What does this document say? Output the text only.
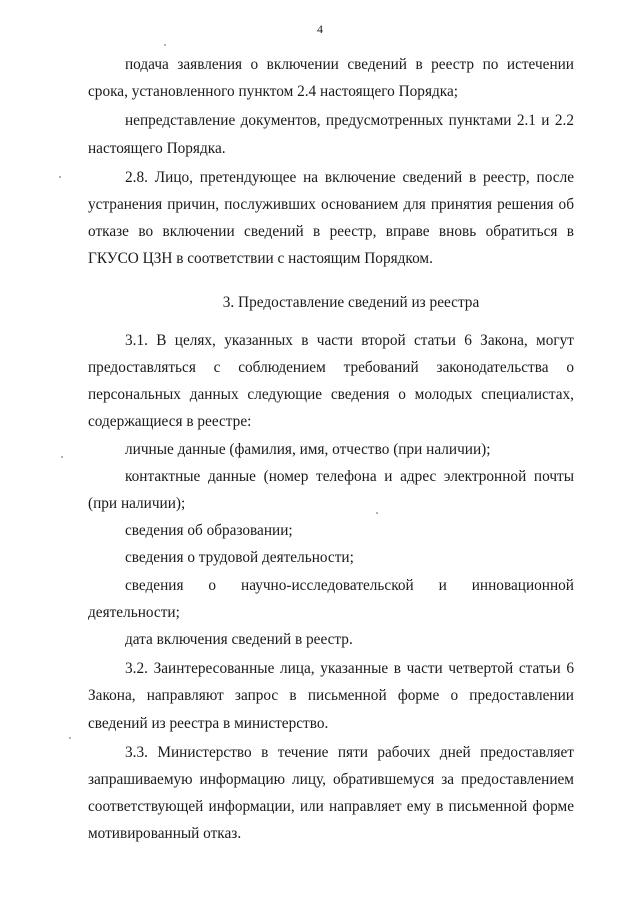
4

подача заявления о включении сведений в реестр по истечении срока, установленного пунктом 2.4 настоящего Порядка;

непредставление документов, предусмотренных пунктами 2.1 и 2.2 настоящего Порядка.

2.8. Лицо, претендующее на включение сведений в реестр, после устранения причин, послуживших основанием для принятия решения об отказе во включении сведений в реестр, вправе вновь обратиться в ГКУСО ЦЗН в соответствии с настоящим Порядком.

3. Предоставление сведений из реестра

3.1. В целях, указанных в части второй статьи 6 Закона, могут предоставляться с соблюдением требований законодательства о персональных данных следующие сведения о молодых специалистах, содержащиеся в реестре:

личные данные (фамилия, имя, отчество (при наличии);

контактные данные (номер телефона и адрес электронной почты (при наличии);

сведения об образовании;

сведения о трудовой деятельности;

сведения о научно-исследовательской и инновационной деятельности;

дата включения сведений в реестр.

3.2. Заинтересованные лица, указанные в части четвертой статьи 6 Закона, направляют запрос в письменной форме о предоставлении сведений из реестра в министерство.

3.3. Министерство в течение пяти рабочих дней предоставляет запрашиваемую информацию лицу, обратившемуся за предоставлением соответствующей информации, или направляет ему в письменной форме мотивированный отказ.
